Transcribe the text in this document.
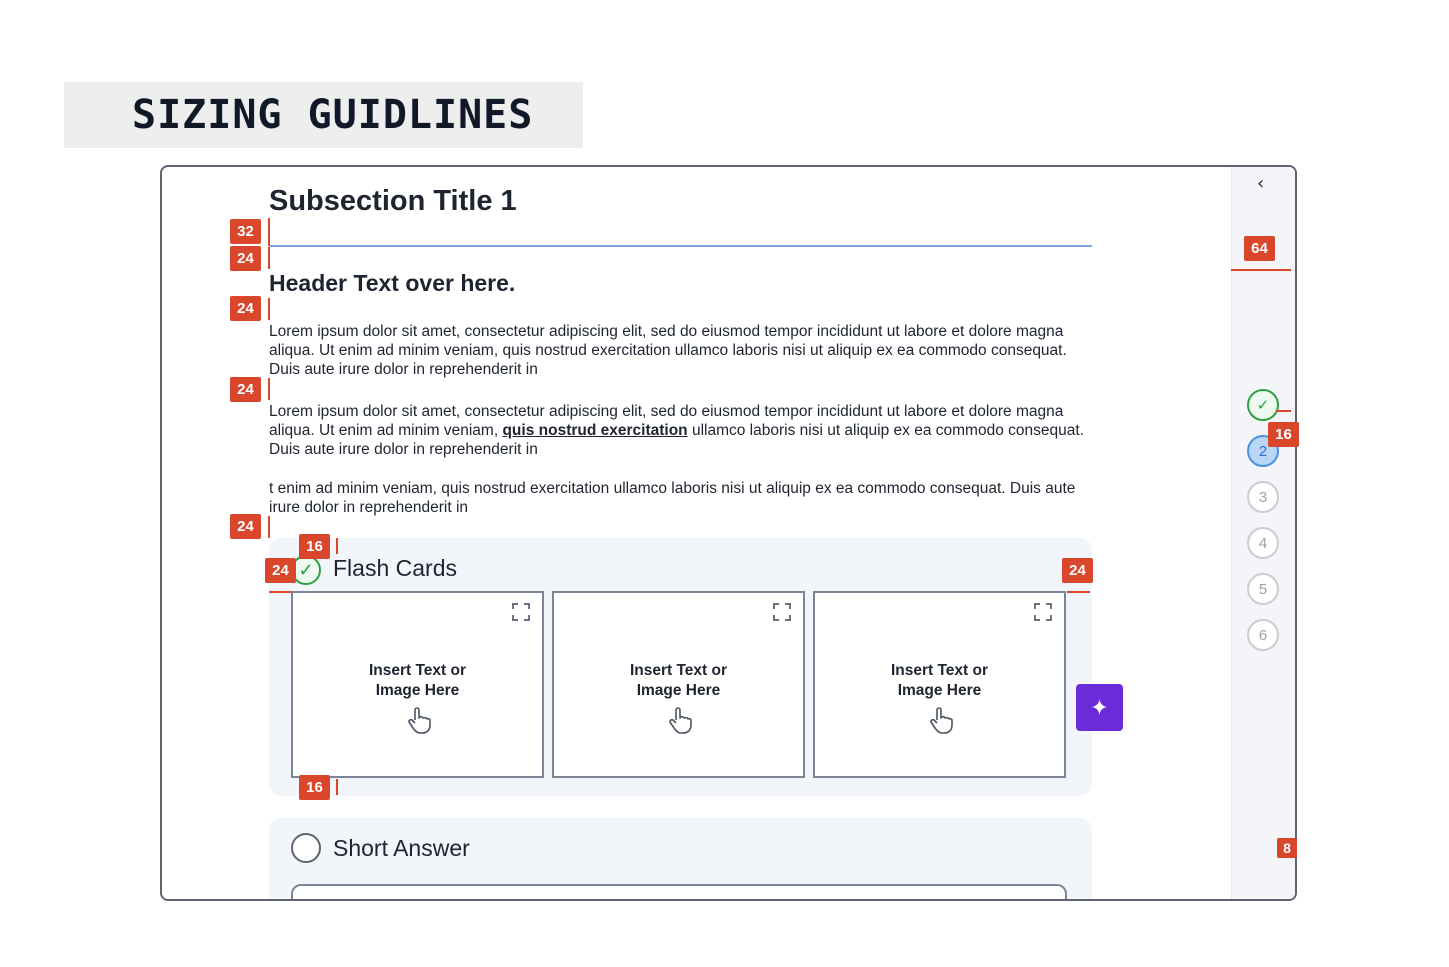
SIZING GUIDLINES
Subsection Title 1
Header Text over here.

Lorem ipsum dolor sit amet, consectetur adipiscing elit, sed do eiusmod tempor incididunt ut labore et dolore magna aliqua. Ut enim ad minim veniam, quis nostrud exercitation ullamco laboris nisi ut aliquip ex ea commodo consequat. Duis aute irure dolor in reprehenderit in

Lorem ipsum dolor sit amet, consectetur adipiscing elit, sed do eiusmod tempor incididunt ut labore et dolore magna aliqua. Ut enim ad minim veniam, quis nostrud exercitation ullamco laboris nisi ut aliquip ex ea commodo consequat. Duis aute irure dolor in reprehenderit in

t enim ad minim veniam, quis nostrud exercitation ullamco laboris nisi ut aliquip ex ea commodo consequat. Duis aute irure dolor in reprehenderit in

✓ Flash Cards
Insert Text or
Image Here
Insert Text or
Image Here
Insert Text or
Image Here
Short Answer
‹
✓
2
3
4
5
6
✦
32
24
24
24
24
16
24	24
16
64
16
8
